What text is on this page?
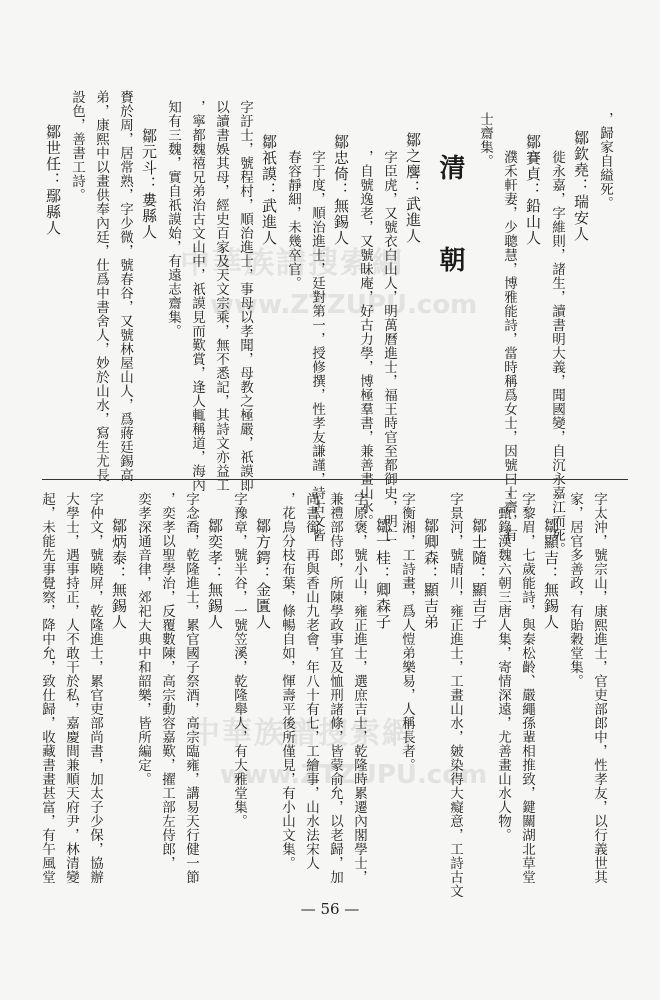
中華族譜搜索網
www.ZTZUPU.com
中華族譜搜索網
www.ZTZUPU.com
，歸家自縊死。
鄒欽堯：瑞安人
徙永嘉，字維則，諸生，讀書明大義，聞國變，自沉永嘉江而死。
鄒賽貞：鉛山人
濮禾軒妻，少聰慧，博雅能詩，當時稱爲女士，因號曰士齋，有
士齋集。
清　朝
鄒之麐：武進人
字臣虎，又號衣白山人，明萬曆進士，福王時官至都御史，明亡
，自號逸老，又號昧庵，好古力學，博極羣書，兼善畫山水。
鄒忠倚：無錫人
字于度，順治進士，廷對第一，授修撰，性孝友謙謹，詩古文皆
春容靜細，未幾卒官。
鄒祇謨：武進人
字訏士，號程村，順治進士，事母以孝聞，母教之極嚴，祇謨即
以讀書娛其母，經史百家及天文宗乘，無不悉記，其詩文亦益工
，寧都魏禧兄弟治古文山中，祇謨見而歎賞，逢人輒稱道，海內
知有三魏，實自祇謨始，有遠志齋集。
鄒元斗：婁縣人
賚於周，居常熟，字少微，號春谷，又號林屋山人，爲蔣廷錫高
弟，康熙中以畫供奉內廷，仕爲中書舍人，妙於山水，寫生尤長
設色，善書工詩。
鄒世任：鄢縣人
字太沖，號宗山，康熙進士，官吏部郎中，性孝友，以行義世其
家，居官多善政，有貽穀堂集。
鄒顯吉：無錫人
字黎眉，七歲能詩，與秦松齡、嚴繩孫輩相推致，鍵關湖北草堂
，甄錄漢魏六朝三唐人集，寄情深遠，尤善畫山水人物。
鄒士隨：顯吉子
字景河，號晴川，雍正進士，工畫山水，皴染得大癡意，工詩古文
鄒卿森：顯吉弟
字衡湘，工詩畫，爲人愷弟樂易，人稱長者。
鄒一桂：卿森子
字原褒，號小山，雍正進士，選庶吉士，乾隆時累遷內閣學士，
兼禮部侍郎，所陳學政事宜及恤刑諸條，皆蒙俞允，以老歸，加
尚書銜，再與香山九老會，年八十有七，工繪事，山水法宋人
，花鳥分枝布葉，條暢自如，惲壽平後所僅見，有小山文集。
鄒方鍔：金匱人
字豫章，號半谷，一號笠溪，乾隆舉人，有大雅堂集。
鄒奕孝：無錫人
字念喬，乾隆進士，累官國子祭酒，高宗臨雍，講易天行健一節
，奕孝以聖學治，反覆數陳，高宗動容嘉歎，擢工部左侍郎，
奕孝深通音律，郊祀大典中和韶樂，皆所編定。
鄒炳泰：無錫人
字仲文，號曉屏，乾隆進士，累官吏部尚書，加太子少保，協辦
大學士，遇事持正，人不敢干於私，嘉慶間兼順天府尹，林清變
起，未能先事覺察，降中允，致仕歸，收藏書畫甚富，有午風堂
— 56 —
